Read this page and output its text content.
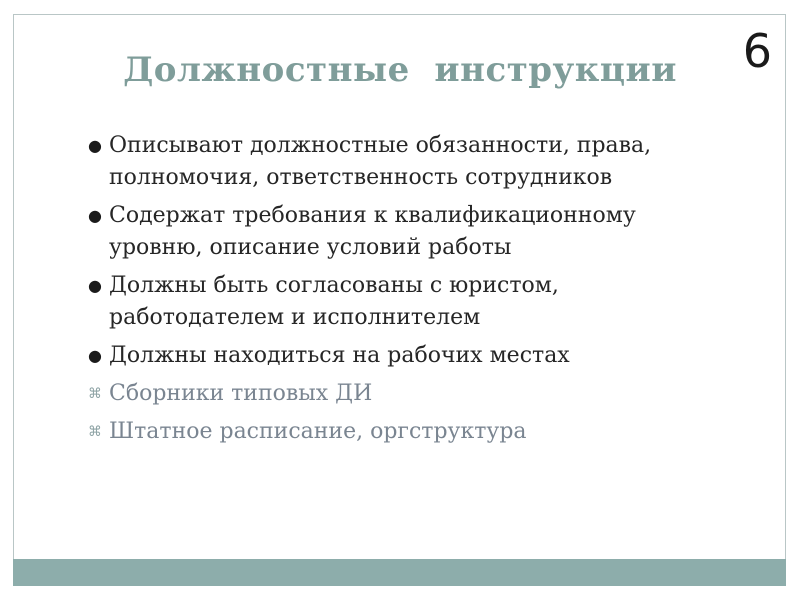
6
Должностные  инструкции
● Описывают должностные обязанности, права, полномочия, ответственность сотрудников
● Содержат требования к квалификационному уровню, описание условий работы
● Должны быть согласованы с юристом, работодателем и исполнителем
● Должны находиться на рабочих местах
⌘ Сборники типовых ДИ
⌘ Штатное расписание, оргструктура
